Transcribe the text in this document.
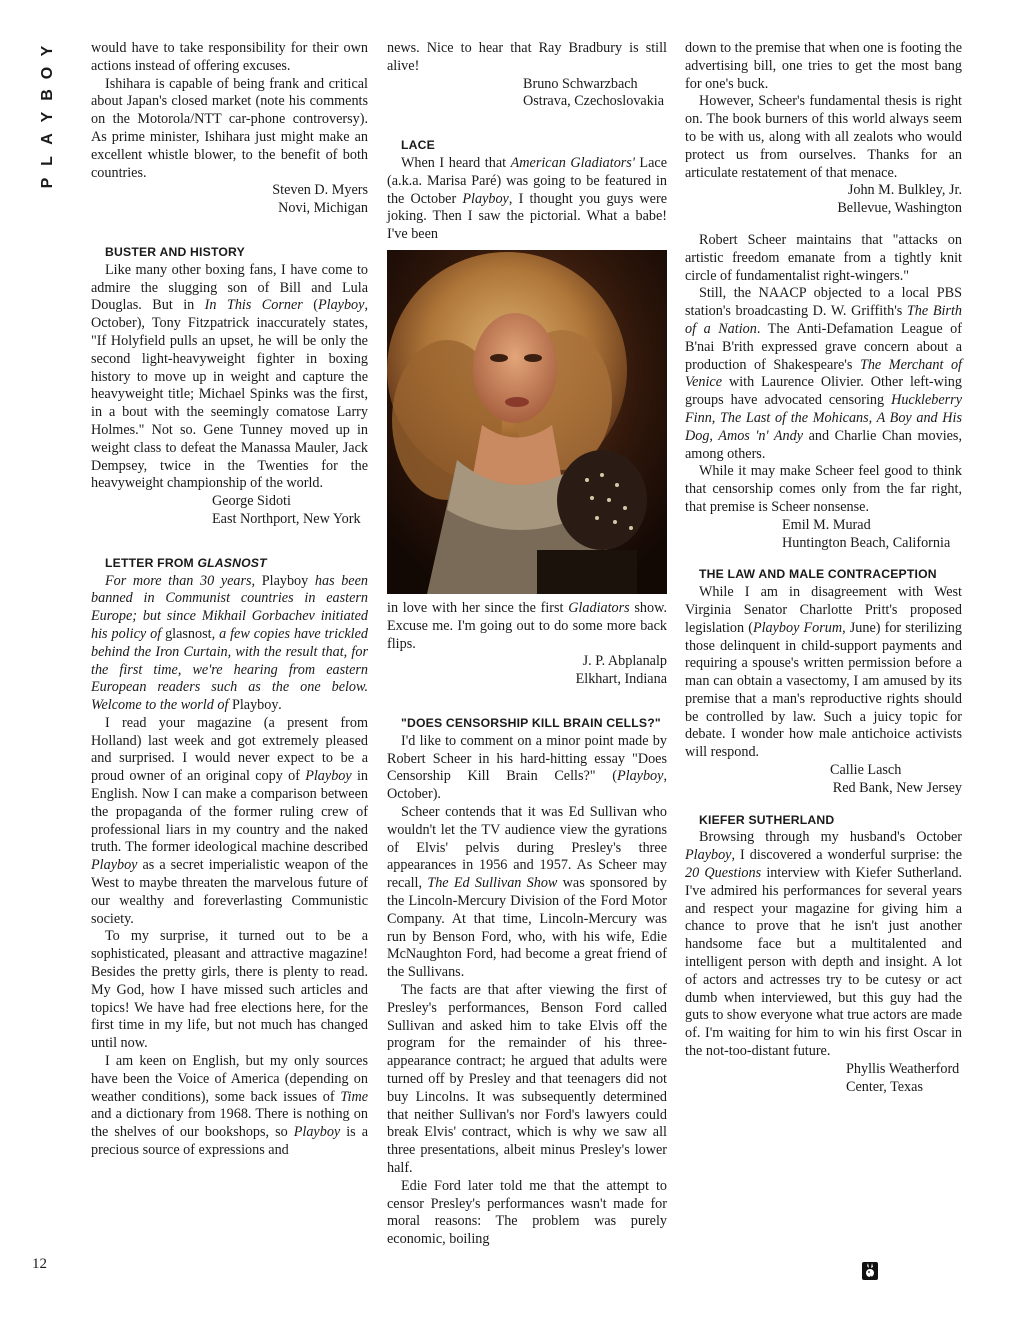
Y
O
B
Y
A
L
P
12

would have to take responsibility for their own actions instead of offering excuses.

Ishihara is capable of being frank and critical about Japan's closed market (note his comments on the Motorola/NTT car-phone controversy). As prime minister, Ishihara just might make an excellent whistle blower, to the benefit of both countries.

Steven D. Myers

Novi, Michigan

BUSTER AND HISTORY

Like many other boxing fans, I have come to admire the slugging son of Bill and Lula Douglas. But in In This Corner (Playboy, October), Tony Fitzpatrick inaccurately states, "If Holyfield pulls an upset, he will be only the second light-heavyweight fighter in boxing history to move up in weight and capture the heavyweight title; Michael Spinks was the first, in a bout with the seemingly comatose Larry Holmes." Not so. Gene Tunney moved up in weight class to defeat the Manassa Mauler, Jack Dempsey, twice in the Twenties for the heavyweight championship of the world.

George Sidoti

East Northport, New York

LETTER FROM GLASNOST

For more than 30 years, Playboy has been banned in Communist countries in eastern Europe; but since Mikhail Gorbachev initiated his policy of glasnost, a few copies have trickled behind the Iron Curtain, with the result that, for the first time, we're hearing from eastern European readers such as the one below. Welcome to the world of Playboy.

I read your magazine (a present from Holland) last week and got extremely pleased and surprised. I would never expect to be a proud owner of an original copy of Playboy in English. Now I can make a comparison between the propaganda of the former ruling crew of professional liars in my country and the naked truth. The former ideological machine described Playboy as a secret imperialistic weapon of the West to maybe threaten the marvelous future of our wealthy and foreverlasting Communistic society.

To my surprise, it turned out to be a sophisticated, pleasant and attractive magazine! Besides the pretty girls, there is plenty to read. My God, how I have missed such articles and topics! We have had free elections here, for the first time in my life, but not much has changed until now.

I am keen on English, but my only sources have been the Voice of America (depending on weather conditions), some back issues of Time and a dictionary from 1968. There is nothing on the shelves of our bookshops, so Playboy is a precious source of expressions and

news. Nice to hear that Ray Bradbury is still alive!

Bruno Schwarzbach

Ostrava, Czechoslovakia

LACE

When I heard that American Gladiators' Lace (a.k.a. Marisa Paré) was going to be featured in the October Playboy, I thought you guys were joking. Then I saw the pictorial. What a babe! I've been

in love with her since the first Gladiators show. Excuse me. I'm going out to do some more back flips.

J. P. Abplanalp

Elkhart, Indiana

"DOES CENSORSHIP KILL BRAIN CELLS?"

I'd like to comment on a minor point made by Robert Scheer in his hard-hitting essay "Does Censorship Kill Brain Cells?" (Playboy, October).

Scheer contends that it was Ed Sullivan who wouldn't let the TV audience view the gyrations of Elvis' pelvis during Presley's three appearances in 1956 and 1957. As Scheer may recall, The Ed Sullivan Show was sponsored by the Lincoln-Mercury Division of the Ford Motor Company. At that time, Lincoln-Mercury was run by Benson Ford, who, with his wife, Edie McNaughton Ford, had become a great friend of the Sullivans.

The facts are that after viewing the first of Presley's performances, Benson Ford called Sullivan and asked him to take Elvis off the program for the remainder of his three-appearance contract; he argued that adults were turned off by Presley and that teenagers did not buy Lincolns. It was subsequently determined that neither Sullivan's nor Ford's lawyers could break Elvis' contract, which is why we saw all three presentations, albeit minus Presley's lower half.

Edie Ford later told me that the attempt to censor Presley's performances wasn't made for moral reasons: The problem was purely economic, boiling

down to the premise that when one is footing the advertising bill, one tries to get the most bang for one's buck.

However, Scheer's fundamental thesis is right on. The book burners of this world always seem to be with us, along with all zealots who would protect us from ourselves. Thanks for an articulate restatement of that menace.

John M. Bulkley, Jr.

Bellevue, Washington

Robert Scheer maintains that "attacks on artistic freedom emanate from a tightly knit circle of fundamentalist right-wingers."

Still, the NAACP objected to a local PBS station's broadcasting D. W. Griffith's The Birth of a Nation. The Anti-Defamation League of B'nai B'rith expressed grave concern about a production of Shakespeare's The Merchant of Venice with Laurence Olivier. Other left-wing groups have advocated censoring Huckleberry Finn, The Last of the Mohicans, A Boy and His Dog, Amos 'n' Andy and Charlie Chan movies, among others.

While it may make Scheer feel good to think that censorship comes only from the far right, that premise is Scheer nonsense.

Emil M. Murad

Huntington Beach, California

THE LAW AND MALE CONTRACEPTION

While I am in disagreement with West Virginia Senator Charlotte Pritt's proposed legislation (Playboy Forum, June) for sterilizing those delinquent in child-support payments and requiring a spouse's written permission before a man can obtain a vasectomy, I am amused by its premise that a man's reproductive rights should be controlled by law. Such a juicy topic for debate. I wonder how male antichoice activists will respond.

Callie Lasch

Red Bank, New Jersey

KIEFER SUTHERLAND

Browsing through my husband's October Playboy, I discovered a wonderful surprise: the 20 Questions interview with Kiefer Sutherland. I've admired his performances for several years and respect your magazine for giving him a chance to prove that he isn't just another handsome face but a multitalented and intelligent person with depth and insight. A lot of actors and actresses try to be cutesy or act dumb when interviewed, but this guy had the guts to show everyone what true actors are made of. I'm waiting for him to win his first Oscar in the not-too-distant future.

Phyllis Weatherford

Center, Texas
